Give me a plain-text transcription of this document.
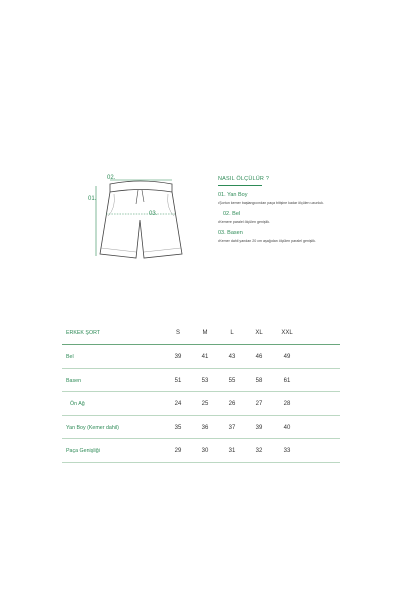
02.
01.
03.
NASIL ÖLÇÜLÜR ?
01. Yan Boy
•Şortun kemer başlangıcından paça bitişine kadar ölçülen uzunluk.
02. Bel
•Kemere paralel ölçülen genişlik.
03. Basen
•Kemer dahil yandan 20 cm aşağıdan ölçülen paralel genişlik.
ERKEK ŞORT	S	M	L	XL	XXL
Bel	39	41	43	46	49
Basen	51	53	55	58	61
Ön Ağ	24	25	26	27	28
Yan Boy (Kemer dahil)	35	36	37	39	40
Paça Genişliği	29	30	31	32	33
